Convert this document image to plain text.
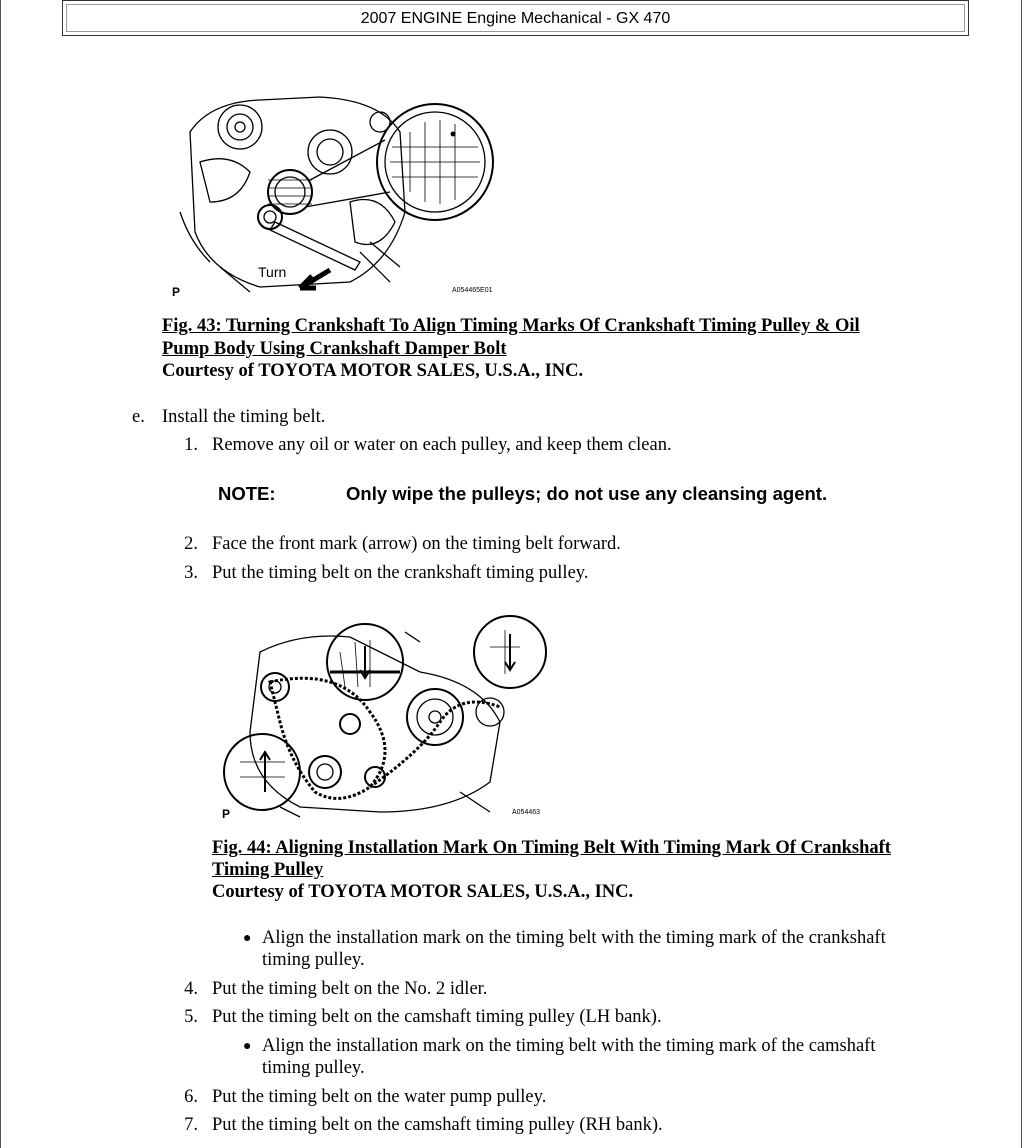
2007 ENGINE Engine Mechanical - GX 470
Turn
P	A054465E01
Fig. 43: Turning Crankshaft To Align Timing Marks Of Crankshaft Timing Pulley & Oil
Pump Body Using Crankshaft Damper Bolt
Courtesy of TOYOTA MOTOR SALES, U.S.A., INC.
e. Install the timing belt.
1. Remove any oil or water on each pulley, and keep them clean.
NOTE:	Only wipe the pulleys; do not use any cleansing agent.
2. Face the front mark (arrow) on the timing belt forward.
3. Put the timing belt on the crankshaft timing pulley.
P	A054463
Fig. 44: Aligning Installation Mark On Timing Belt With Timing Mark Of Crankshaft
Timing Pulley
Courtesy of TOYOTA MOTOR SALES, U.S.A., INC.
● Align the installation mark on the timing belt with the timing mark of the crankshaft
timing pulley.
4. Put the timing belt on the No. 2 idler.
5. Put the timing belt on the camshaft timing pulley (LH bank).
● Align the installation mark on the timing belt with the timing mark of the camshaft
timing pulley.
6. Put the timing belt on the water pump pulley.
7. Put the timing belt on the camshaft timing pulley (RH bank).
